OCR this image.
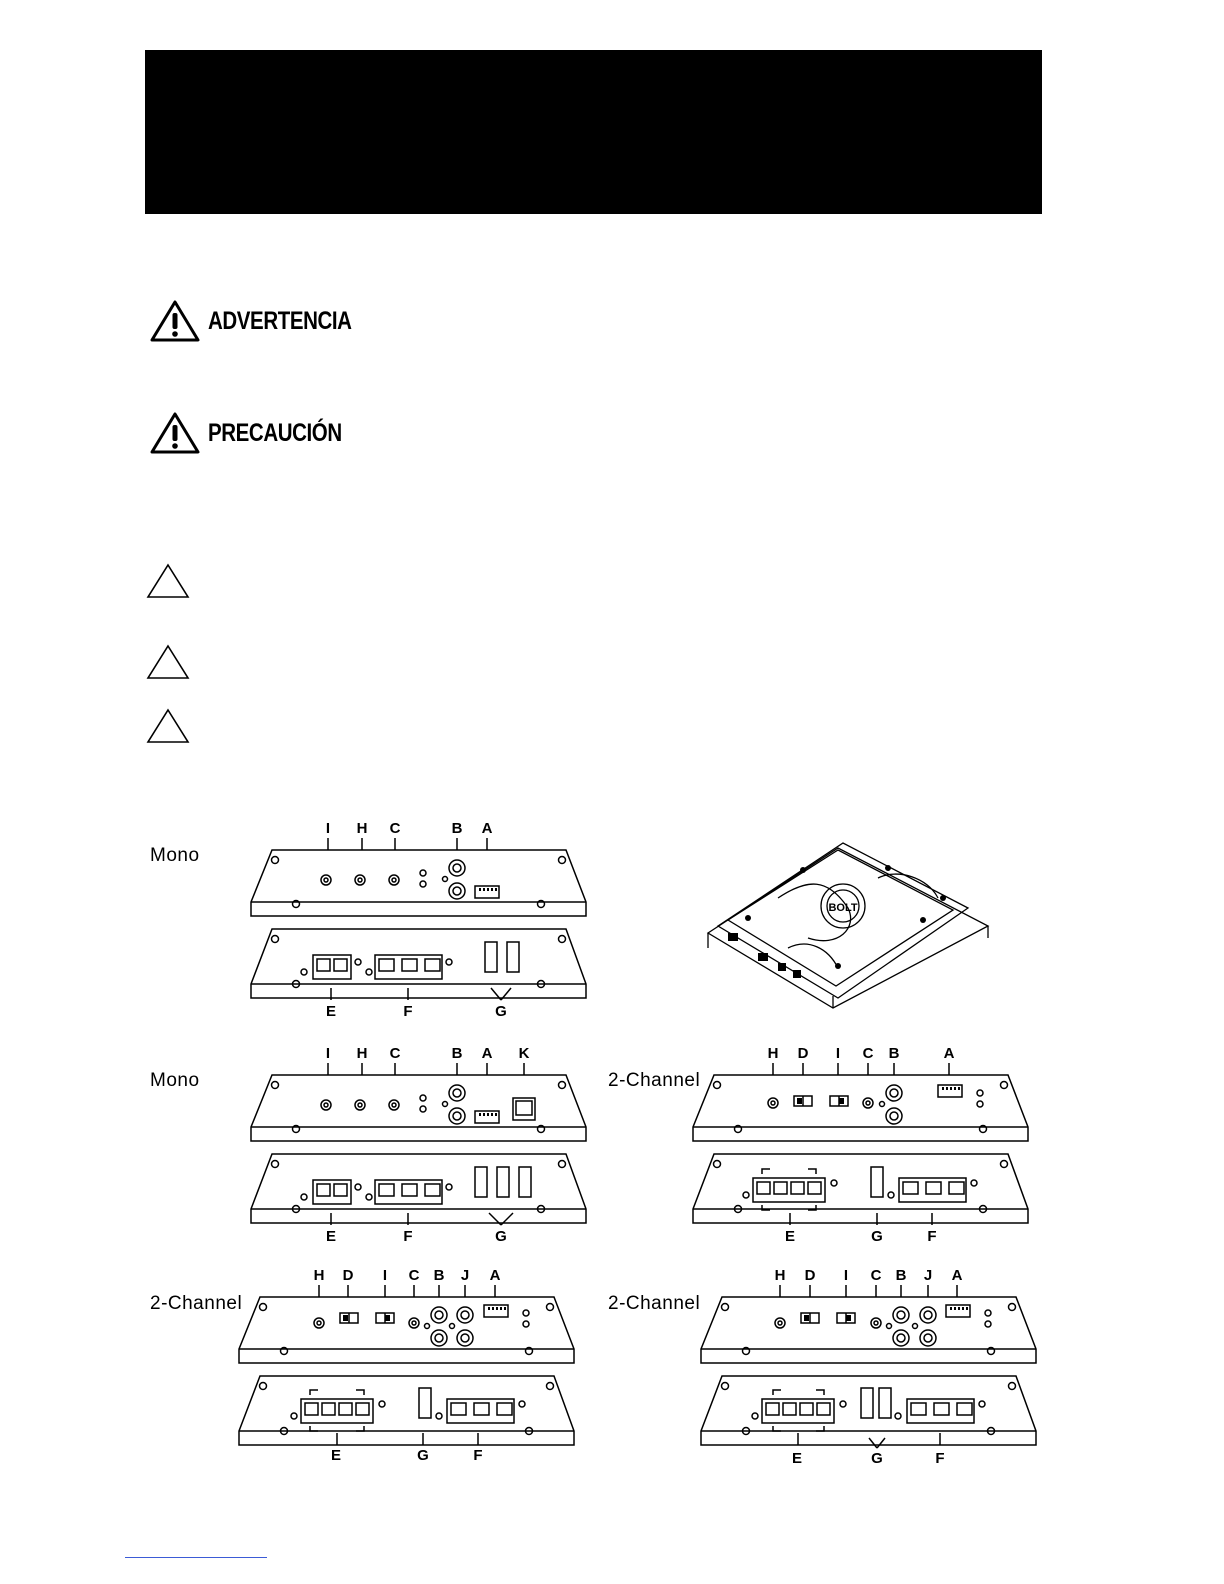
ADVERTENCIA
PRECAUCIÓN
Mono
Mono	2-Channel
2-Channel	2-Channel
I H C	B A
E	F	G
BOLT
I H C	B A K
E	F	G
H D I C B	A
E	G	F
H D I C B J A
E	G	F
H D I C B J A
E	G	F
